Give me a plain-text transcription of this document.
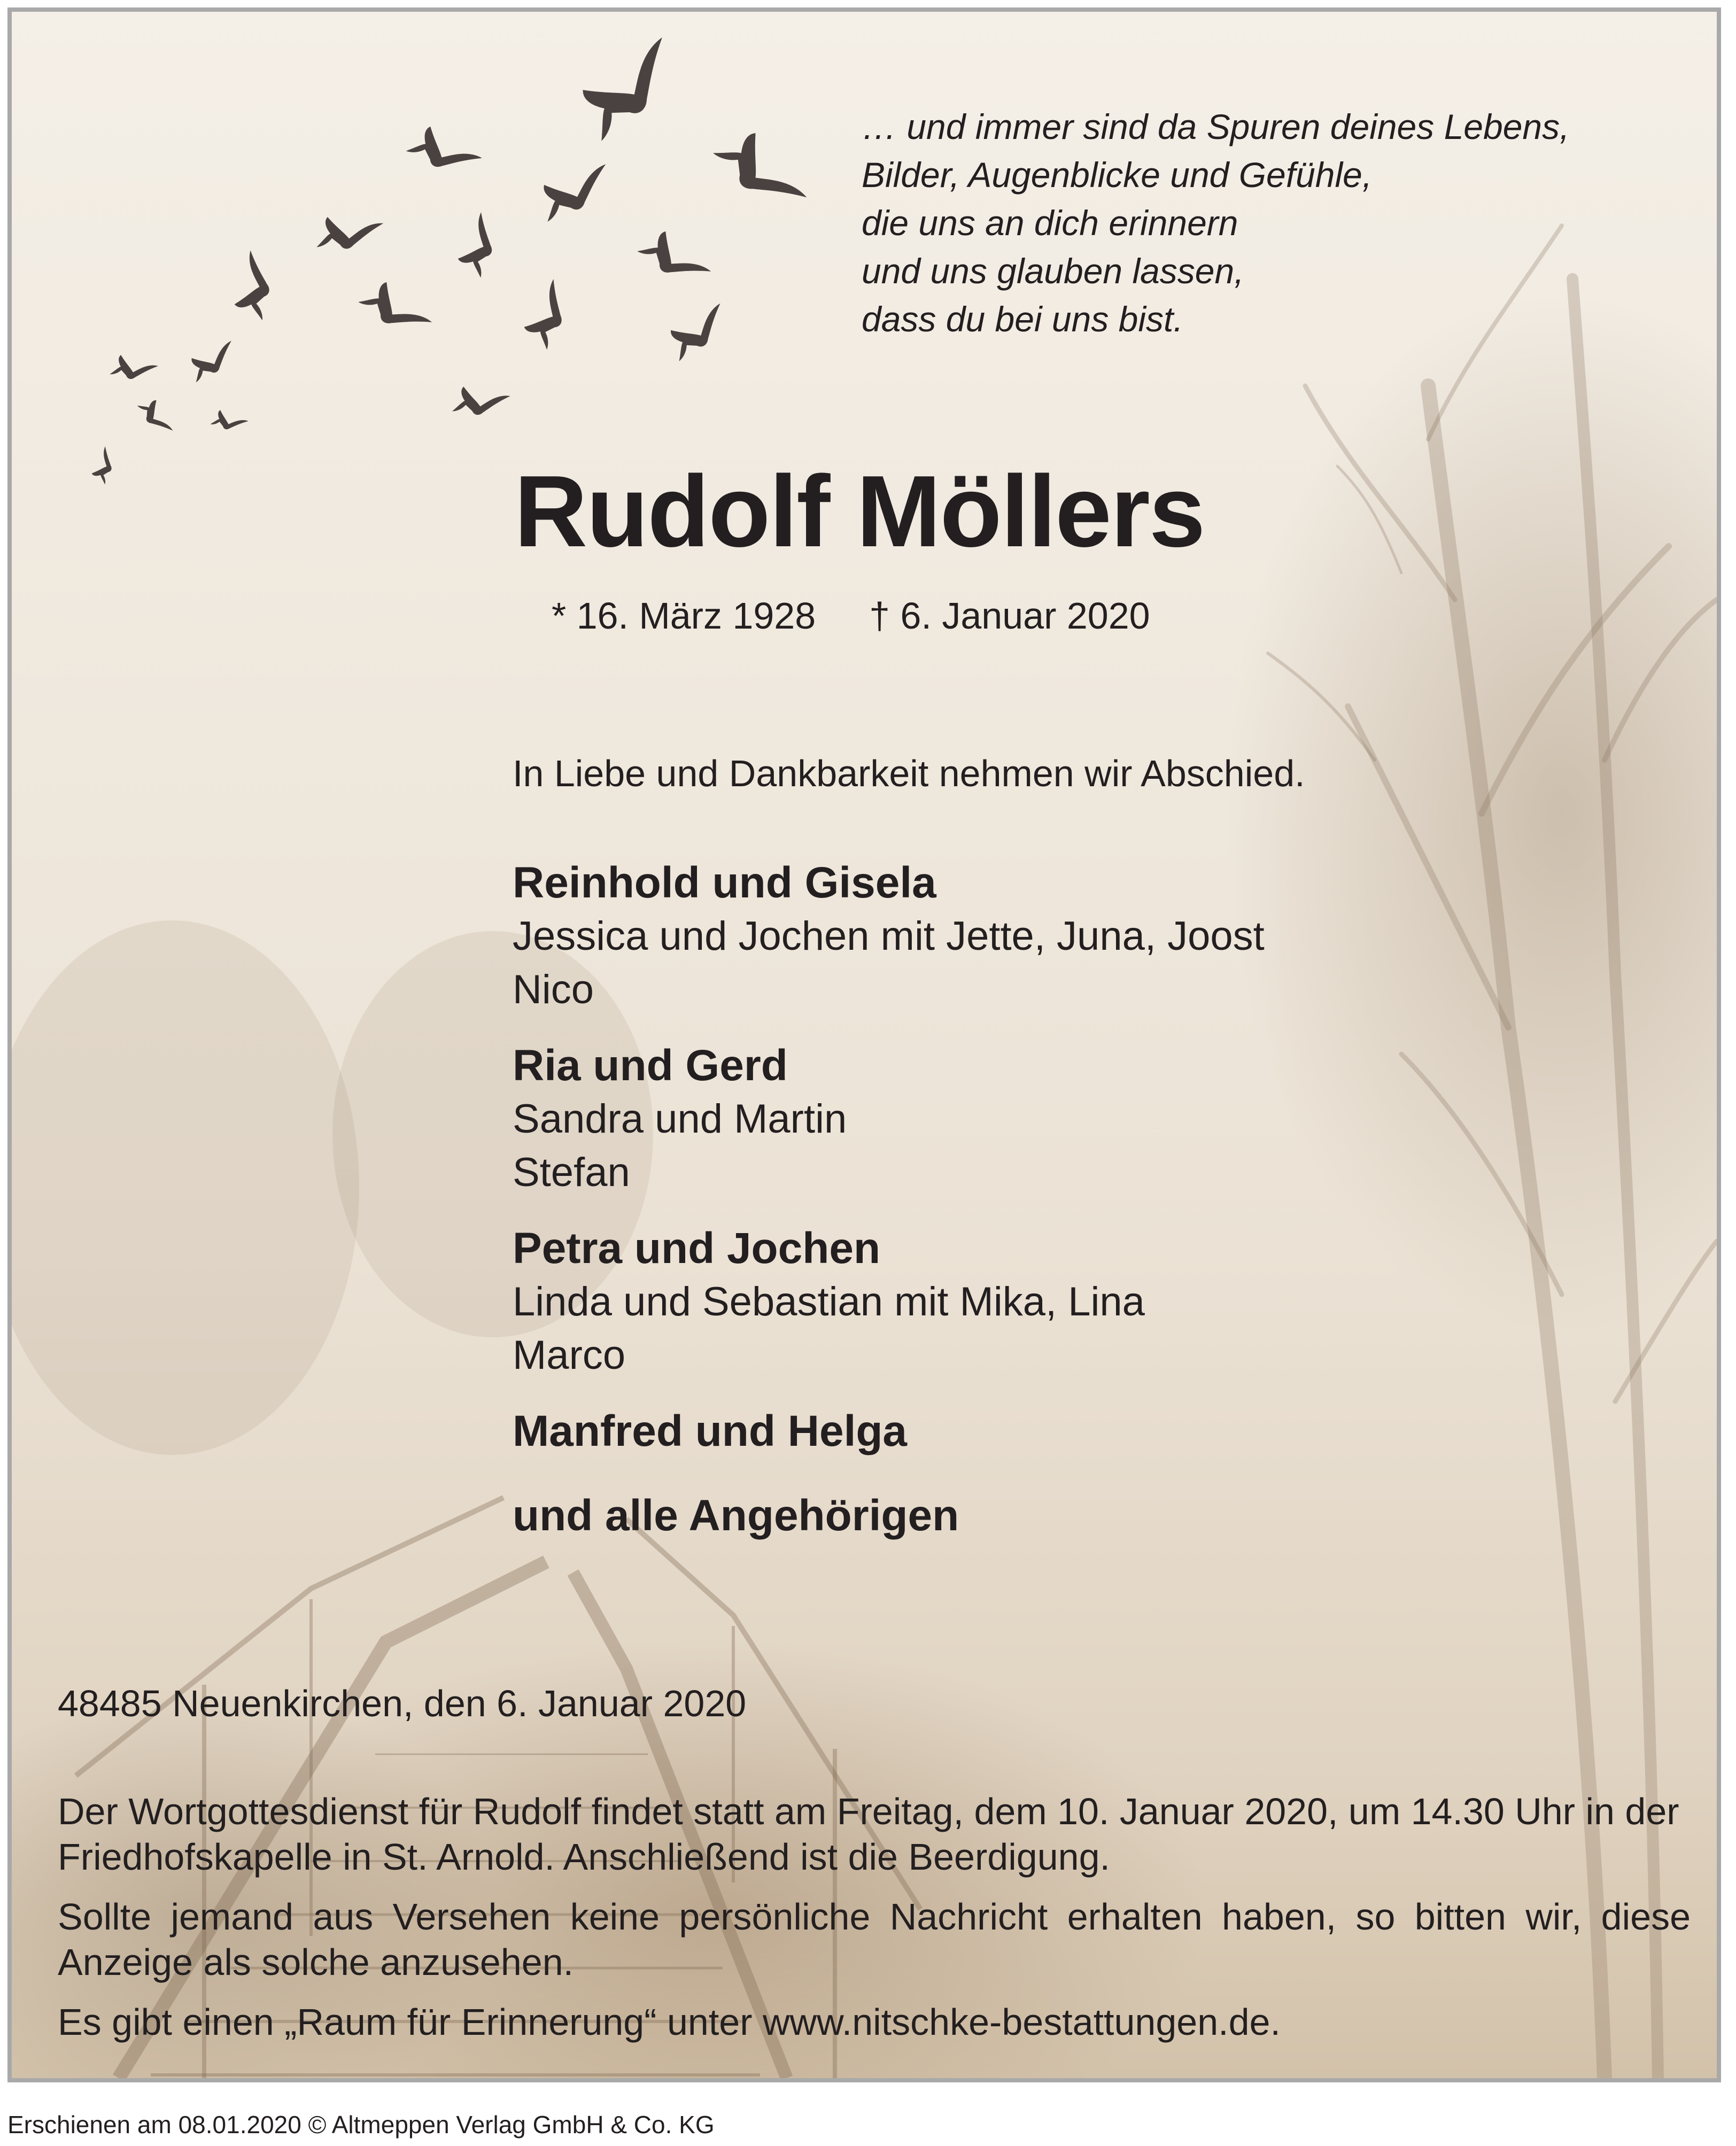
… und immer sind da Spuren deines Lebens,
Bilder, Augenblicke und Gefühle,
die uns an dich erinnern
und uns glauben lassen,
dass du bei uns bist.
Rudolf Möllers
* 16. März 1928 † 6. Januar 2020
In Liebe und Dankbarkeit nehmen wir Abschied.
Reinhold und Gisela
Jessica und Jochen mit Jette, Juna, Joost
Nico
Ria und Gerd
Sandra und Martin
Stefan
Petra und Jochen
Linda und Sebastian mit Mika, Lina
Marco
Manfred und Helga
und alle Angehörigen
48485 Neuenkirchen, den 6. Januar 2020
Der Wortgottesdienst für Rudolf findet statt am Freitag, dem 10. Januar 2020, um 14.30 Uhr in der Friedhofskapelle in St. Arnold. Anschließend ist die Beerdigung.
Sollte jemand aus Versehen keine persönliche Nachricht erhalten haben, so bitten wir, diese Anzeige als solche anzusehen.
Es gibt einen „Raum für Erinnerung“ unter www.nitschke-bestattungen.de.
Erschienen am 08.01.2020 © Altmeppen Verlag GmbH & Co. KG
